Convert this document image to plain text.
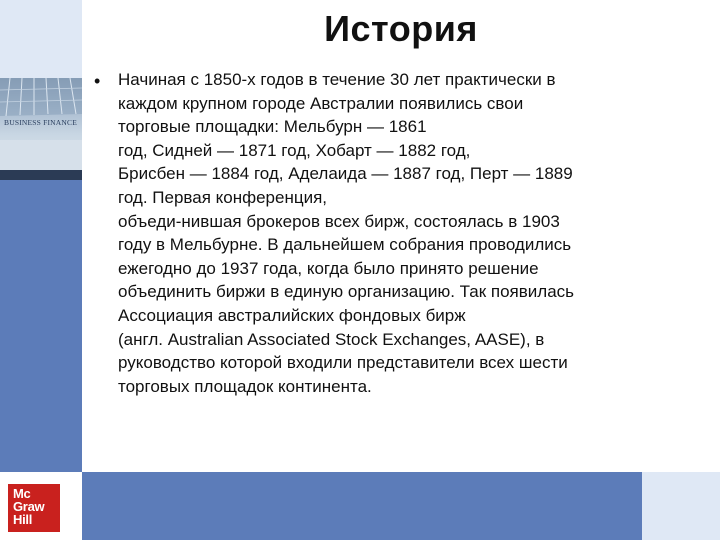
BUSINESS FINANCE
Mc
Graw
Hill
История
• Начиная с 1850-х годов в течение 30 лет практически в
каждом крупном городе Австралии появились свои
торговые площадки: Мельбурн — 1861
год, Сидней — 1871 год, Хобарт — 1882 год,
Брисбен — 1884 год, Аделаида — 1887 год, Перт — 1889
год. Первая конференция,
объеди-нившая брокеров всех бирж, состоялась в 1903
году в Мельбурне. В дальнейшем собрания проводились
ежегодно до 1937 года, когда было принято решение
объединить биржи в единую организацию. Так появилась
Ассоциация австралийских фондовых бирж
(англ. Australian Associated Stock Exchanges, AASE), в
руководство которой входили представители всех шести
торговых площадок континента.
